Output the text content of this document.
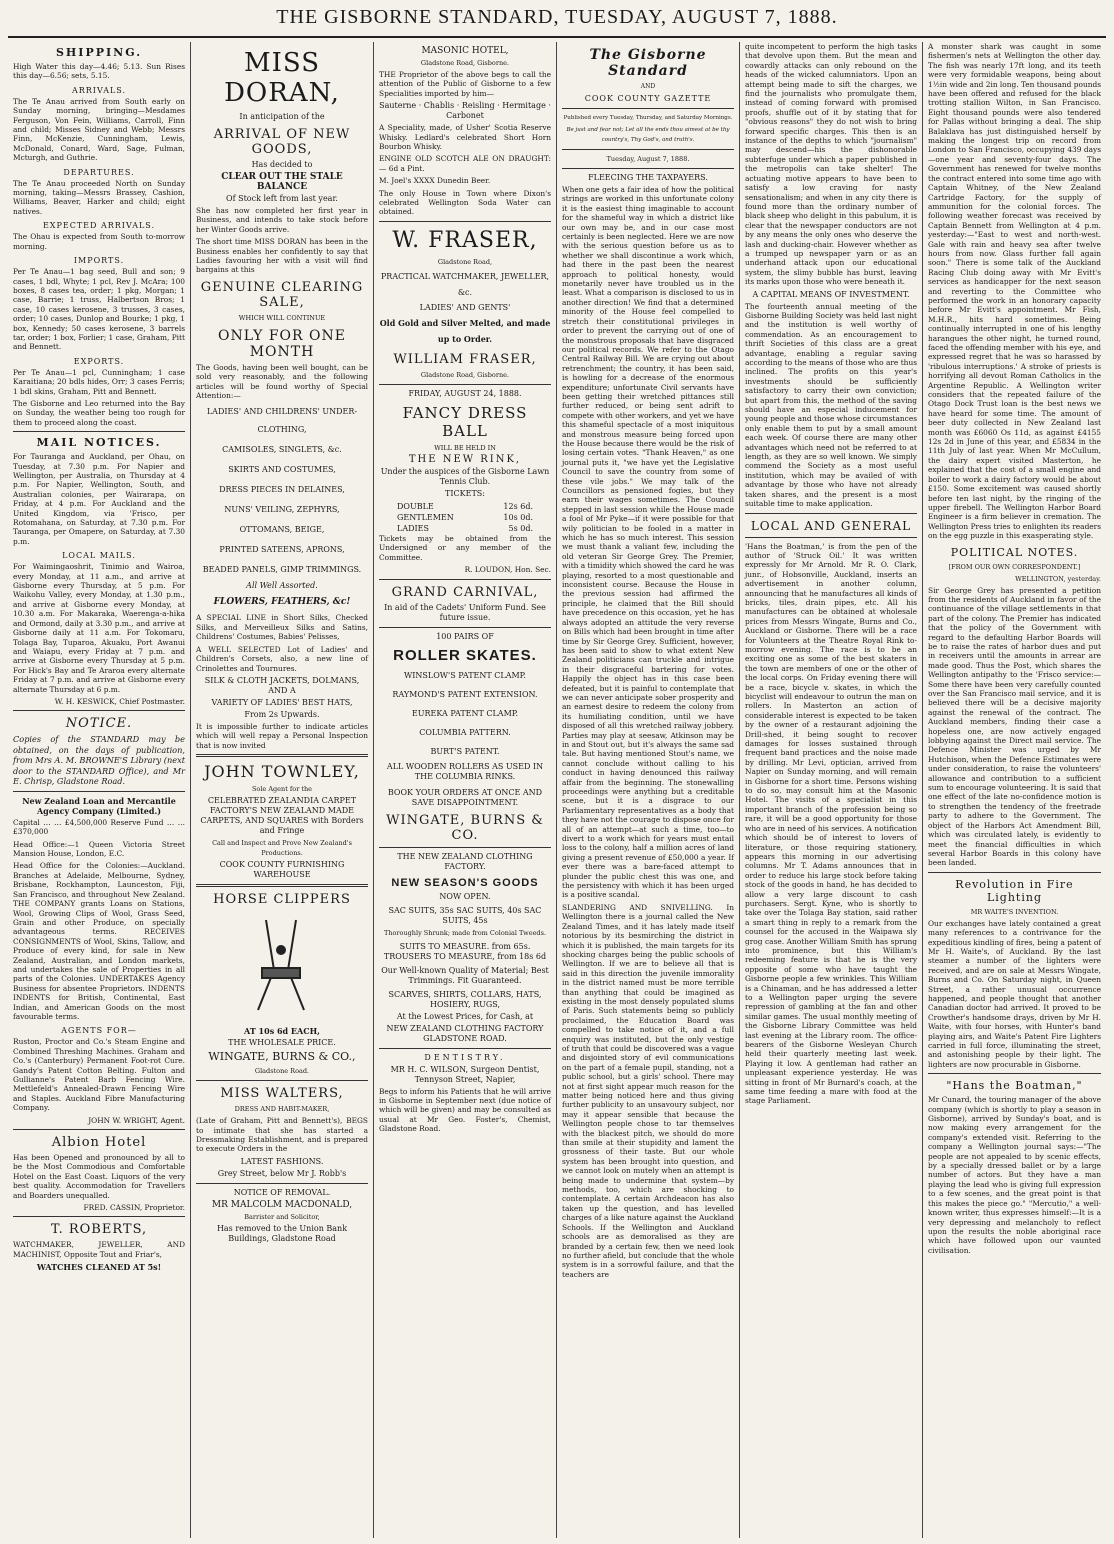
THE GISBORNE STANDARD, TUESDAY, AUGUST 7, 1888.
SHIPPING.

High Water this day—4.46; 5.13. Sun Rises this day—6.56; sets, 5.15.

ARRIVALS.

The Te Anau arrived from South early on Sunday morning, bringing—Mesdames Ferguson, Von Fein, Williams, Carroll, Finn and child; Misses Sidney and Webb; Messrs Finn, McKenzie, Cunningham, Lewis, McDonald, Conard, Ward, Sage, Fulman, Mcturgh, and Guthrie.

DEPARTURES.

The Te Anau proceeded North on Sunday morning, taking—Messrs Brassey, Cashion, Williams, Beaver, Harker and child; eight natives.

EXPECTED ARRIVALS.

The Ohau is expected from South to-morrow morning.

IMPORTS.

Per Te Anau—1 bag seed, Bull and son; 9 cases, 1 bdl, Whyte; 1 pcl, Rev J. McAra; 100 boxes, 8 cases tea, order; 1 pkg, Morgan; 1 case, Barrie; 1 truss, Halbertson Bros; 1 case, 10 cases kerosene, 3 trusses, 3 cases, order; 10 cases, Dunlop and Bourke; 1 pkg, 1 box, Kennedy; 50 cases kerosene, 3 barrels tar, order; 1 box, Forlier; 1 case, Graham, Pitt and Bennett.

EXPORTS.

Per Te Anau—1 pcl, Cunningham; 1 case Karaitiana; 20 bdls hides, Orr; 3 cases Ferris; 1 bdl skins, Graham, Pitt and Bennett.

The Gisborne and Leo returned into the Bay on Sunday, the weather being too rough for them to proceed along the coast.

MAIL NOTICES.

For Tauranga and Auckland, per Ohau, on Tuesday, at 7.30 p.m. For Napier and Wellington, per Australia, on Thursday at 4 p.m. For Napier, Wellington, South, and Australian colonies, per Wairarapa, on Friday, at 4 p.m. For Auckland and the United Kingdom, via 'Frisco, per Rotomahana, on Saturday, at 7.30 p.m. For Tauranga, per Omapere, on Saturday, at 7.30 p.m.

LOCAL MAILS.

For Waimingaoshrit, Tinimio and Wairoa, every Monday, at 11 a.m., and arrive at Gisborne every Thursday, at 5 p.m. For Waikohu Valley, every Monday, at 1.30 p.m., and arrive at Gisborne every Monday, at 10.30 a.m. For Makaraka, Waerenga-a-hika and Ormond, daily at 3.30 p.m., and arrive at Gisborne daily at 11 a.m. For Tokomaru, Tolaga Bay, Tuparoa, Akuaku, Port Awanui and Waiapu, every Friday at 7 p.m. and arrive at Gisborne every Thursday at 5 p.m. For Hick's Bay and Te Araroa every alternate Friday at 7 p.m. and arrive at Gisborne every alternate Thursday at 6 p.m.

W. H. KESWICK, Chief Postmaster.

NOTICE.

Copies of the STANDARD may be obtained, on the days of publication, from Mrs A. M. BROWNE'S Library (next door to the STANDARD Office), and Mr E. Chrisp, Gladstone Road.

New Zealand Loan and Mercantile Agency Company (Limited.)

Capital … … £4,500,000 Reserve Fund … … £370,000

Head Office:—1 Queen Victoria Street Mansion House, London, E.C.

Head Office for the Colonies:—Auckland. Branches at Adelaide, Melbourne, Sydney, Brisbane, Rockhampton, Launceston, Fiji, San Francisco, and throughout New Zealand. THE COMPANY grants Loans on Stations, Wool, Growing Clips of Wool, Grass Seed, Grain and other Produce, on specially advantageous terms. RECEIVES CONSIGNMENTS of Wool, Skins, Tallow, and Produce of every kind, for sale in New Zealand, Australian, and London markets, and undertakes the sale of Properties in all parts of the Colonies. UNDERTAKES Agency Business for absentee Proprietors. INDENTS INDENTS for British, Continental, East Indian, and American Goods on the most favourable terms.

AGENTS FOR—

Ruston, Proctor and Co.'s Steam Engine and Combined Threshing Machines. Graham and Co.'s (Canterbury) Permanent Foot-rot Cure. Gandy's Patent Cotton Belting. Fulton and Gullianne's Patent Barb Fencing Wire. Mettlefeld's Annealed-Drawn Fencing Wire and Staples. Auckland Fibre Manufacturing Company.

JOHN W. WRIGHT, Agent.

Albion Hotel

Has been Opened and pronounced by all to be the Most Commodious and Comfortable Hotel on the East Coast. Liquors of the very best quality. Accommodation for Travellers and Boarders unequalled.

FRED. CASSIN, Proprietor.

T. ROBERTS,

WATCHMAKER, JEWELLER, AND MACHINIST, Opposite Tout and Friar's,

WATCHES CLEANED AT 5s!
MISS DORAN,
In anticipation of the
ARRIVAL OF NEW GOODS,
Has decided to
CLEAR OUT THE STALE BALANCE
Of Stock left from last year.

She has now completed her first year in Business, and intends to take stock before her Winter Goods arrive.

The short time MISS DORAN has been in the Business enables her confidently to say that Ladies favouring her with a visit will find bargains at this

GENUINE CLEARING SALE,
WHICH WILL CONTINUE
ONLY FOR ONE MONTH

The Goods, having been well bought, can be sold very reasonably, and the following articles will be found worthy of Special Attention:—

LADIES' AND CHILDRENS' UNDER-CLOTHING,
CAMISOLES, SINGLETS, &c.
SKIRTS AND COSTUMES,
DRESS PIECES IN DELAINES,
NUNS' VEILING, ZEPHYRS,
OTTOMANS, BEIGE,
PRINTED SATEENS, APRONS,
BEADED PANELS, GIMP TRIMMINGS.
All Well Assorted.
FLOWERS, FEATHERS, &c!

A SPECIAL LINE in Short Silks, Checked Silks, and Merveilleux Silks and Satins, Childrens' Costumes, Babies' Pelisses,

A WELL SELECTED Lot of Ladies' and Children's Corsets, also, a new line of Crinolettes and Tournures.

SILK & CLOTH JACKETS, DOLMANS, AND A
VARIETY OF LADIES' BEST HATS,
From 2s Upwards.

It is impossible further to indicate articles which will well repay a Personal Inspection that is now invited

JOHN TOWNLEY,
Sole Agent for the
CELEBRATED ZEALANDIA CARPET FACTORY'S NEW ZEALAND MADE CARPETS, AND SQUARES with Borders and Fringe
Call and Inspect and Prove New Zealand's Productions.
COOK COUNTY FURNISHING WAREHOUSE
HORSE CLIPPERS
AT 10s 6d EACH,
THE WHOLESALE PRICE.
WINGATE, BURNS & CO.,
Gladstone Road.
MISS WALTERS,
DRESS AND HABIT-MAKER,

(Late of Graham, Pitt and Bennett's), BEGS to intimate that she has started a Dressmaking Establishment, and is prepared to execute Orders in the

LATEST FASHIONS.
Grey Street, below Mr J. Robb's
NOTICE OF REMOVAL.
MR MALCOLM MACDONALD,
Barrister and Solicitor,
Has removed to the Union Bank Buildings, Gladstone Road
MASONIC HOTEL,
Gladstone Road, Gisborne.

THE Proprietor of the above begs to call the attention of the Public of Gisborne to a few Specialities imported by him—

Sauterne · Chablis · Reisling · Hermitage · Carbonet

A Speciality, made, of Usher' Scotia Reserve Whisky. Ledlard's celebrated Short Horn Bourbon Whisky.

ENGINE OLD SCOTCH ALE ON DRAUGHT:— 6d a Pint.

M. Joel's XXXX Dunedin Beer.

The only House in Town where Dixon's celebrated Wellington Soda Water can obtained.

W. FRASER,
Gladstone Road,
PRACTICAL WATCHMAKER, JEWELLER, &c.
LADIES' AND GENTS'
Old Gold and Silver Melted, and made up to Order.
WILLIAM FRASER,
Gladstone Road, Gisborne.
FRIDAY, AUGUST 24, 1888.
FANCY DRESS BALL
WILL BE HELD IN
THE NEW RINK,
Under the auspices of the Gisborne Lawn Tennis Club.
TICKETS:
DOUBLE	12s 6d.
GENTLEMEN	10s 0d.
LADIES	5s 0d.

Tickets may be obtained from the Undersigned or any member of the Committee.

R. LOUDON, Hon. Sec.

GRAND CARNIVAL,
In aid of the Cadets' Uniform Fund. See future issue.
100 PAIRS OF
ROLLER SKATES.
WINSLOW'S PATENT CLAMP.
RAYMOND'S PATENT EXTENSION.
EUREKA PATENT CLAMP.
COLUMBIA PATTERN.
BURT'S PATENT.
ALL WOODEN ROLLERS AS USED IN THE COLUMBIA RINKS.
BOOK YOUR ORDERS AT ONCE AND SAVE DISAPPOINTMENT.
WINGATE, BURNS & CO.
THE NEW ZEALAND CLOTHING FACTORY.
NEW SEASON'S GOODS
NOW OPEN.
SAC SUITS, 35s SAC SUITS, 40s SAC SUITS, 45s
Thoroughly Shrunk; made from Colonial Tweeds.
SUITS TO MEASURE. from 65s. TROUSERS TO MEASURE, from 18s 6d
Our Well-known Quality of Material; Best Trimmings. Fit Guaranteed.
SCARVES, SHIRTS, COLLARS, HATS, HOSIERY, RUGS,
At the Lowest Prices, for Cash, at
NEW ZEALAND CLOTHING FACTORY GLADSTONE ROAD.
DENTISTRY.
MR H. C. WILSON, Surgeon Dentist, Tennyson Street, Napier,

Begs to inform his Patients that he will arrive in Gisborne in September next (due notice of which will be given) and may be consulted as usual at Mr Geo. Foster's, Chemist, Gladstone Road.

The Gisborne Standard
AND
COOK COUNTY GAZETTE
Published every Tuesday, Thursday, and Saturday Mornings.
Be just and fear not; Let all the ends thou aimest at be thy country's, Thy God's, and truth's.
Tuesday, August 7, 1888.
FLEECING THE TAXPAYERS.

When one gets a fair idea of how the political strings are worked in this unfortunate colony it is the easiest thing imaginable to account for the shameful way in which a district like our own may be, and in our case most certainly is been neglected. Here we are now with the serious question before us as to whether we shall discontinue a work which, had there in the past been the nearest approach to political honesty, would monetarily never have troubled us in the least. What a comparison is disclosed to us in another direction! We find that a determined minority of the House feel compelled to stretch their constitutional privileges in order to prevent the carrying out of one of the monstrous proposals that have disgraced our political records. We refer to the Otago Central Railway Bill. We are crying out about retrenchment; the country, it has been said, is howling for a decrease of the enormous expenditure; unfortunate Civil servants have been getting their wretched pittances still further reduced, or being sent adrift to compete with other workers, and yet we have this shameful spectacle of a most iniquitous and monstrous measure being forced upon the House because there would be the risk of losing certain votes. "Thank Heaven," as one journal puts it, "we have yet the Legislative Council to save the country from some of these vile jobs." We may talk of the Councillors as pensioned fogies, but they earn their wages sometimes. The Council stepped in last session while the House made a fool of Mr Pyke—if it were possible for that wily politician to be fooled in a matter in which he has so much interest. This session we must thank a valiant few, including the old veteran Sir George Grey. The Premier, with a timidity which showed the card he was playing, resorted to a most questionable and inconsistent course. Because the House in the previous session had affirmed the principle, he claimed that the Bill should have precedence on this occasion, yet he has always adopted an attitude the very reverse on Bills which had been brought in time after time by Sir George Grey. Sufficient, however, has been said to show to what extent New Zealand politicians can truckle and intrigue in their disgraceful bartering for votes. Happily the object has in this case been defeated, but it is painful to contemplate that we can never anticipate sober prosperity and an earnest desire to redeem the colony from its humiliating condition, until we have disposed of all this wretched railway jobbery. Parties may play at seesaw, Atkinson may be in and Stout out, but it's always the same sad tale. But having mentioned Stout's name, we cannot conclude without calling to his conduct in having denounced this railway affair from the beginning. The stonewalling proceedings were anything but a creditable scene, but it is a disgrace to our Parliamentary representatives as a body that they have not the courage to dispose once for all of an attempt—at such a time, too—to divert to a work which for years must entail loss to the colony, half a million acres of land giving a present revenue of £50,000 a year. If ever there was a bare-faced attempt to plunder the public chest this was one, and the persistency with which it has been urged is a positive scandal.

SLANDERING AND SNIVELLING. In Wellington there is a journal called the New Zealand Times, and it has lately made itself notorious by its besmirching the district in which it is published, the main targets for its shocking charges being the public schools of Wellington. If we are to believe all that is said in this direction the juvenile immorality in the district named must be more terrible than anything that could be imagined as existing in the most densely populated slums of Paris. Such statements being so publicly proclaimed, the Education Board was compelled to take notice of it, and a full enquiry was instituted, but the only vestige of truth that could be discovered was a vague and disjointed story of evil communications on the part of a female pupil, standing, not a public school, but a girls' school. There may not at first sight appear much reason for the matter being noticed here and thus giving further publicity to an unsavoury subject, nor may it appear sensible that because the Wellington people chose to tar themselves with the blackest pitch, we should do more than smile at their stupidity and lament the grossness of their taste. But our whole system has been brought into question, and we cannot look on mutely when an attempt is being made to undermine that system—by methods, too, which are shocking to contemplate. A certain Archdeacon has also taken up the question, and has levelled charges of a like nature against the Auckland Schools. If the Wellington and Auckland schools are as demoralised as they are branded by a certain few, then we need look no further afield, but conclude that the whole system is in a sorrowful failure, and that the teachers are

quite incompetent to perform the high tasks that devolve upon them. But the mean and cowardly attacks can only rebound on the heads of the wicked calumniators. Upon an attempt being made to sift the charges, we find the journalists who promulgate them, instead of coming forward with promised proofs, shuffle out of it by stating that for "obvious reasons" they do not wish to bring forward specific charges. This then is an instance of the depths to which "journalism" may descend—his the dishonorable subterfuge under which a paper published in the metropolis can take shelter! The actuating motive appears to have been to satisfy a low craving for nasty sensationalism; and when in any city there is found more than the ordinary number of black sheep who delight in this pabulum, it is clear that the newspaper conductors are not by any means the only ones who deserve the lash and ducking-chair. However whether as a trumped up newspaper yarn or as an underhand attack upon our educational system, the slimy bubble has burst, leaving its marks upon those who were beneath it.

A CAPITAL MEANS OF INVESTMENT.

The fourteenth annual meeting of the Gisborne Building Society was held last night and the institution is well worthy of commendation. As an encouragement to thrift Societies of this class are a great advantage, enabling a regular saving according to the means of those who are thus inclined. The profits on this year's investments should be sufficiently satisfactory to carry their own conviction; but apart from this, the method of the saving should have an especial inducement for young people and those whose circumstances only enable them to put by a small amount each week. Of course there are many other advantages which need not be referred to at length, as they are so well known. We simply commend the Society as a most useful institution, which may be availed of with advantage by those who have not already taken shares, and the present is a most suitable time to make application.

LOCAL AND GENERAL

'Hans the Boatman,' is from the pen of the author of 'Struck Oil.' It was written expressly for Mr Arnold. Mr R. O. Clark, junr., of Hobsonville, Auckland, inserts an advertisement in another column, announcing that he manufactures all kinds of bricks, tiles, drain pipes, etc. All his manufactures can be obtained at wholesale prices from Messrs Wingate, Burns and Co., Auckland or Gisborne. There will be a race for Volunteers at the Theatre Royal Rink to-morrow evening. The race is to be an exciting one as some of the best skaters in the town are members of one or the other of the local corps. On Friday evening there will be a race, bicycle v. skates, in which the bicyclist will endeavour to outrun the man on rollers. In Masterton an action of considerable interest is expected to be taken by the owner of a restaurant adjoining the Drill-shed, it being sought to recover damages for losses sustained through frequent band practices and the noise made by drilling. Mr Levi, optician, arrived from Napier on Sunday morning, and will remain in Gisborne for a short time. Persons wishing to do so, may consult him at the Masonic Hotel. The visits of a specialist in this important branch of the profession being so rare, it will be a good opportunity for those who are in need of his services. A notification which should be of interest to lovers of literature, or those requiring stationery, appears this morning in our advertising columns. Mr T. Adams announces that in order to reduce his large stock before taking stock of the goods in hand, he has decided to allow a very large discount to cash purchasers. Sergt. Kyne, who is shortly to take over the Tolaga Bay station, said rather a smart thing in reply to a remark from the counsel for the accused in the Waipawa sly grog case. Another William Smith has sprung into prominence, but this William's redeeming feature is that he is the very opposite of some who have taught the Gisborne people a few wrinkles. This William is a Chinaman, and he has addressed a letter to a Wellington paper urging the severe repression of gambling at the fan and other similar games. The usual monthly meeting of the Gisborne Library Committee was held last evening at the Library room. The office-bearers of the Gisborne Wesleyan Church held their quarterly meeting last week. Playing it low. A gentleman had rather an unpleasant experience yesterday. He was sitting in front of Mr Burnard's coach, at the same time feeding a mare with food at the stage Parliament.

A monster shark was caught in some fishermen's nets at Wellington the other day. The fish was nearly 17ft long, and its teeth were very formidable weapons, being about 1½in wide and 2in long. Ten thousand pounds have been offered and refused for the black trotting stallion Wilton, in San Francisco. Eight thousand pounds were also tendered for Pallas without bringing a deal. The ship Balaklava has just distinguished herself by making the longest trip on record from London to San Francisco, occupying 439 days—one year and seventy-four days. The Government has renewed for twelve months the contract entered into some time ago with Captain Whitney, of the New Zealand Cartridge Factory, for the supply of ammunition for the colonial forces. The following weather forecast was received by Captain Bennett from Wellington at 4 p.m. yesterday:—"East to west and north-west. Gale with rain and heavy sea after twelve hours from now. Glass further fall again soon." There is some talk of the Auckland Racing Club doing away with Mr Evitt's services as handicapper for the next season and reverting to the Committee who performed the work in an honorary capacity before Mr Evitt's appointment. Mr Fish, M.H.R., hits hard sometimes. Being continually interrupted in one of his lengthy harangues the other night, he turned round, faced the offending member with his eye, and expressed regret that he was so harassed by 'ribulous interruptions.' A stroke of priests is horrifying all devout Roman Catholics in the Argentine Republic. A Wellington writer considers that the repeated failure of the Otago Dock Trust loan is the best news we have heard for some time. The amount of beer duty collected in New Zealand last month was £6060 Os 11d, as against £4155 12s 2d in June of this year, and £5834 in the 11th July of last year. When Mr McCullum, the dairy expert visited Masterton, he explained that the cost of a small engine and boiler to work a dairy factory would be about £150. Some excitement was caused shortly before ten last night, by the ringing of the upper firebell. The Wellington Harbor Board Engineer is a firm believer in cremation. The Wellington Press tries to enlighten its readers on the egg puzzle in this exasperating style.

POLITICAL NOTES.
[FROM OUR OWN CORRESPONDENT.]
WELLINGTON, yesterday.

Sir George Grey has presented a petition from the residents of Auckland in favor of the continuance of the village settlements in that part of the colony. The Premier has indicated that the policy of the Government with regard to the defaulting Harbor Boards will be to raise the rates of harbor dues and put in receivers until the amounts in arrear are made good. Thus the Post, which shares the Wellington antipathy to the 'Frisco service:—Some there have been very carefully counted over the San Francisco mail service, and it is believed there will be a decisive majority against the renewal of the contract. The Auckland members, finding their case a hopeless one, are now actively engaged lobbying against the Direct mail service. The Defence Minister was urged by Mr Hutchison, when the Defence Estimates were under consideration, to raise the volunteers' allowance and contribution to a sufficient sum to encourage volunteering. It is said that one effect of the late no-confidence motion is to strengthen the tendency of the freetrade party to adhere to the Government. The object of the Harbors Act Amendment Bill, which was circulated lately, is evidently to meet the financial difficulties in which several Harbor Boards in this colony have been landed.

Revolution in Fire Lighting
MR WAITE'S INVENTION.

Our exchanges have lately contained a great many references to a contrivance for the expeditious kindling of fires, being a patent of Mr H. Waite's, of Auckland. By the last steamer a number of the lighters were received, and are on sale at Messrs Wingate, Burns and Co. On Saturday night, in Queen Street, a rather unusual occurrence happened, and people thought that another Canadian doctor had arrived. It proved to be Crowther's handsome drays, driven by Mr H. Waite, with four horses, with Hunter's band playing airs, and Waite's Patent Fire Lighters carried in full force, illuminating the street, and astonishing people by their light. The lighters are now procurable in Gisborne.

"Hans the Boatman,"

Mr Cunard, the touring manager of the above company (which is shortly to play a season in Gisborne), arrived by Sunday's boat, and is now making every arrangement for the company's extended visit. Referring to the company a Wellington journal says:—"The people are not appealed to by scenic effects, by a specially dressed ballet or by a large number of actors. But they have a man playing the lead who is giving full expression to a few scenes, and the great point is that this makes the piece go." "Mercutio," a well-known writer, thus expresses himself:—It is a very depressing and melancholy to reflect upon the results the noble aboriginal race which have followed upon our vaunted civilisation.
